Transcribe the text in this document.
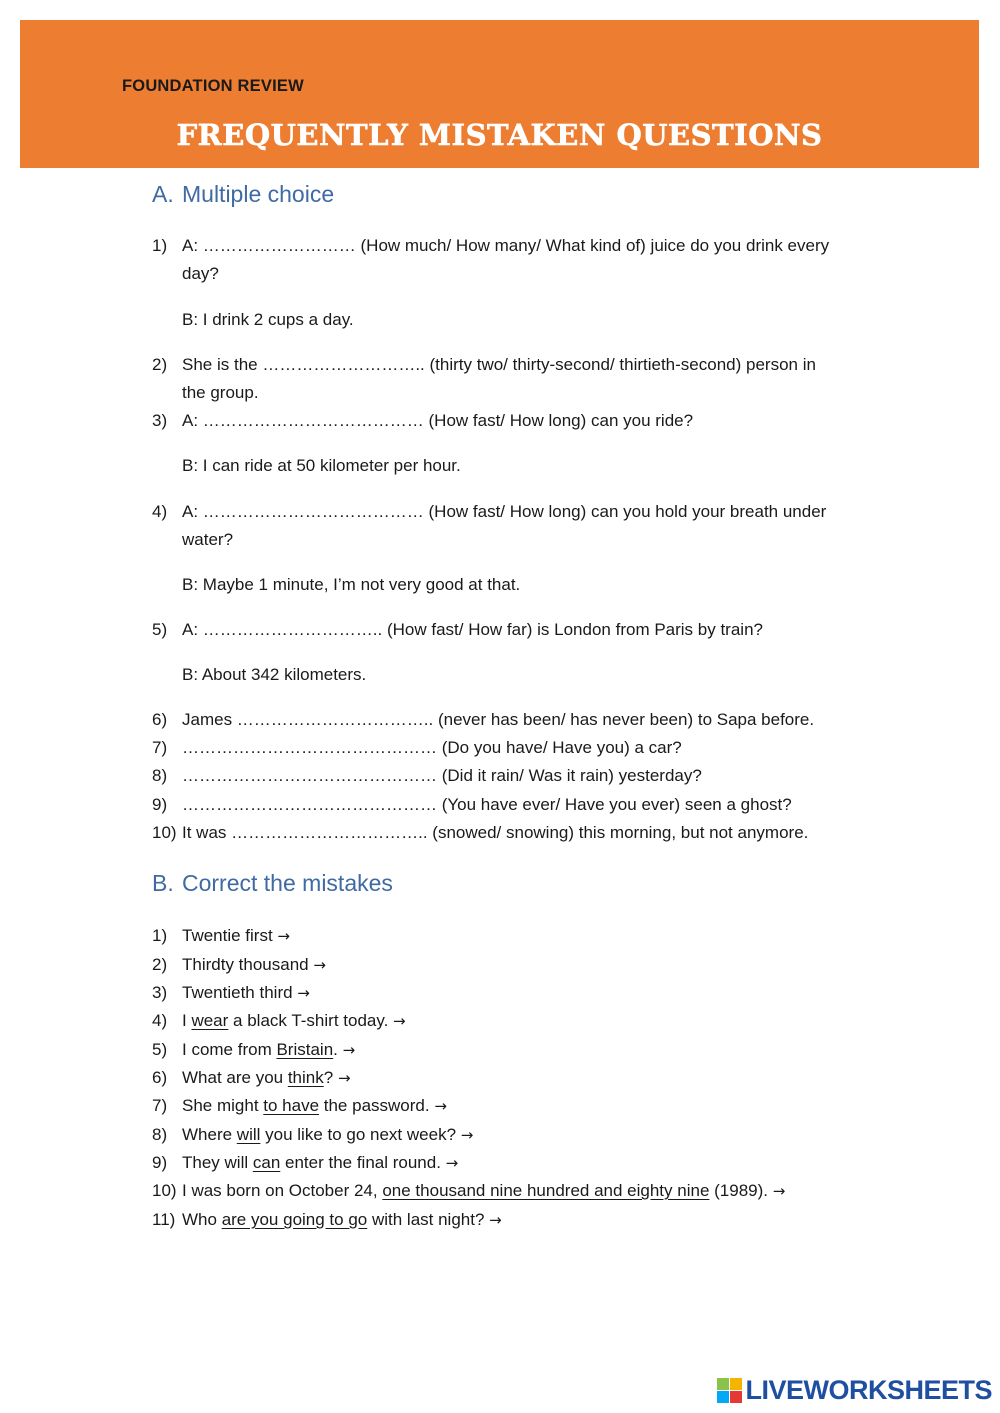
FOUNDATION REVIEW
FREQUENTLY MISTAKEN QUESTIONS
A. Multiple choice
1) A: ……………………… (How much/ How many/ What kind of) juice do you drink every
day?
B: I drink 2 cups a day.
2) She is the ……………………….. (thirty two/ thirty-second/ thirtieth-second) person in
the group.
3) A: ………………………………… (How fast/ How long) can you ride?
B: I can ride at 50 kilometer per hour.
4) A: ………………………………… (How fast/ How long) can you hold your breath under
water?
B: Maybe 1 minute, I’m not very good at that.
5) A: ………………………….. (How fast/ How far) is London from Paris by train?
B: About 342 kilometers.
6) James …………………………….. (never has been/ has never been) to Sapa before.
7) ……………………………………… (Do you have/ Have you) a car?
8) ……………………………………… (Did it rain/ Was it rain) yesterday?
9) ……………………………………… (You have ever/ Have you ever) seen a ghost?
10) It was …………………………….. (snowed/ snowing) this morning, but not anymore.
B. Correct the mistakes
1) Twentie first →
2) Thirdty thousand →
3) Twentieth third →
4) I wear a black T-shirt today. →
5) I come from Bristain. →
6) What are you think? →
7) She might to have the password. →
8) Where will you like to go next week? →
9) They will can enter the final round. →
10) I was born on October 24, one thousand nine hundred and eighty nine (1989). →
11) Who are you going to go with last night? →
LIVEWORKSHEETS
